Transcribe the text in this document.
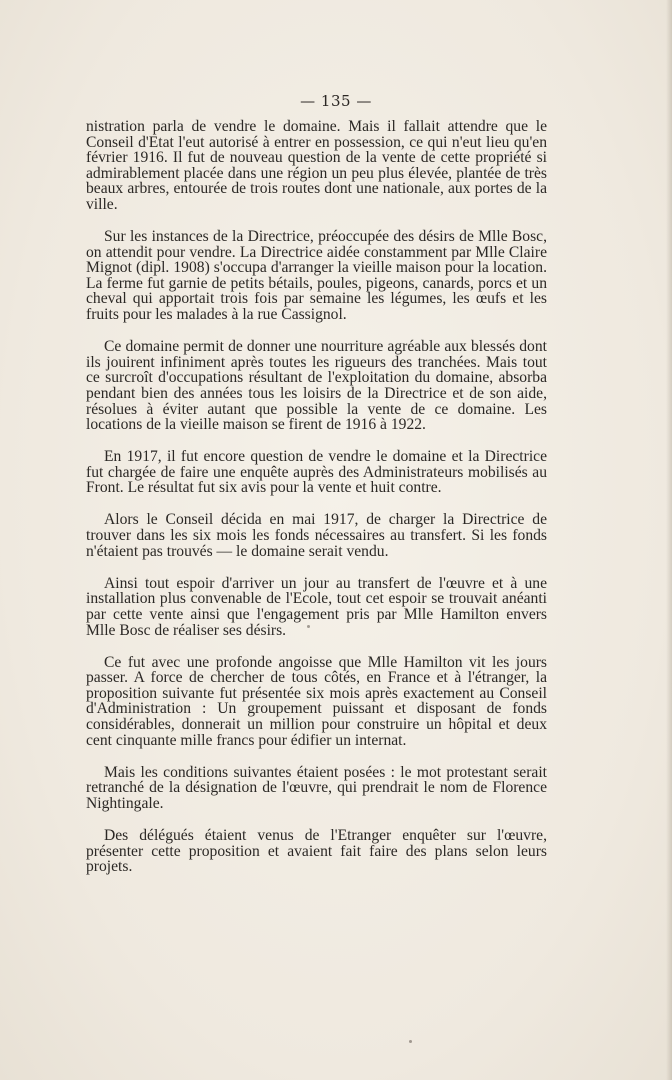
— 135 —

nistration parla de vendre le domaine. Mais il fallait attendre que le Conseil d'Etat l'eut autorisé à entrer en possession, ce qui n'eut lieu qu'en février 1916. Il fut de nouveau question de la vente de cette propriété si admirablement placée dans une région un peu plus élevée, plantée de très beaux arbres, entourée de trois routes dont une nationale, aux portes de la ville.

Sur les instances de la Directrice, préoccupée des désirs de Mlle Bosc, on attendit pour vendre. La Directrice aidée constamment par Mlle Claire Mignot (dipl. 1908) s'occupa d'arranger la vieille maison pour la location. La ferme fut garnie de petits bétails, poules, pigeons, canards, porcs et un cheval qui apportait trois fois par semaine les légumes, les œufs et les fruits pour les malades à la rue Cassignol.

Ce domaine permit de donner une nourriture agréable aux blessés dont ils jouirent infiniment après toutes les rigueurs des tranchées. Mais tout ce surcroît d'occupations résultant de l'exploitation du domaine, absorba pendant bien des années tous les loisirs de la Directrice et de son aide, résolues à éviter autant que possible la vente de ce domaine. Les locations de la vieille maison se firent de 1916 à 1922.

En 1917, il fut encore question de vendre le domaine et la Directrice fut chargée de faire une enquête auprès des Administrateurs mobilisés au Front. Le résultat fut six avis pour la vente et huit contre.

Alors le Conseil décida en mai 1917, de charger la Directrice de trouver dans les six mois les fonds nécessaires au transfert. Si les fonds n'étaient pas trouvés — le domaine serait vendu.

Ainsi tout espoir d'arriver un jour au transfert de l'œuvre et à une installation plus convenable de l'Ecole, tout cet espoir se trouvait anéanti par cette vente ainsi que l'engagement pris par Mlle Hamilton envers Mlle Bosc de réaliser ses désirs.

Ce fut avec une profonde angoisse que Mlle Hamilton vit les jours passer. A force de chercher de tous côtés, en France et à l'étranger, la proposition suivante fut présentée six mois après exactement au Conseil d'Administration : Un groupement puissant et disposant de fonds considérables, donnerait un million pour construire un hôpital et deux cent cinquante mille francs pour édifier un internat.

Mais les conditions suivantes étaient posées : le mot protestant serait retranché de la désignation de l'œuvre, qui prendrait le nom de Florence Nightingale.

Des délégués étaient venus de l'Etranger enquêter sur l'œuvre, présenter cette proposition et avaient fait faire des plans selon leurs projets.
